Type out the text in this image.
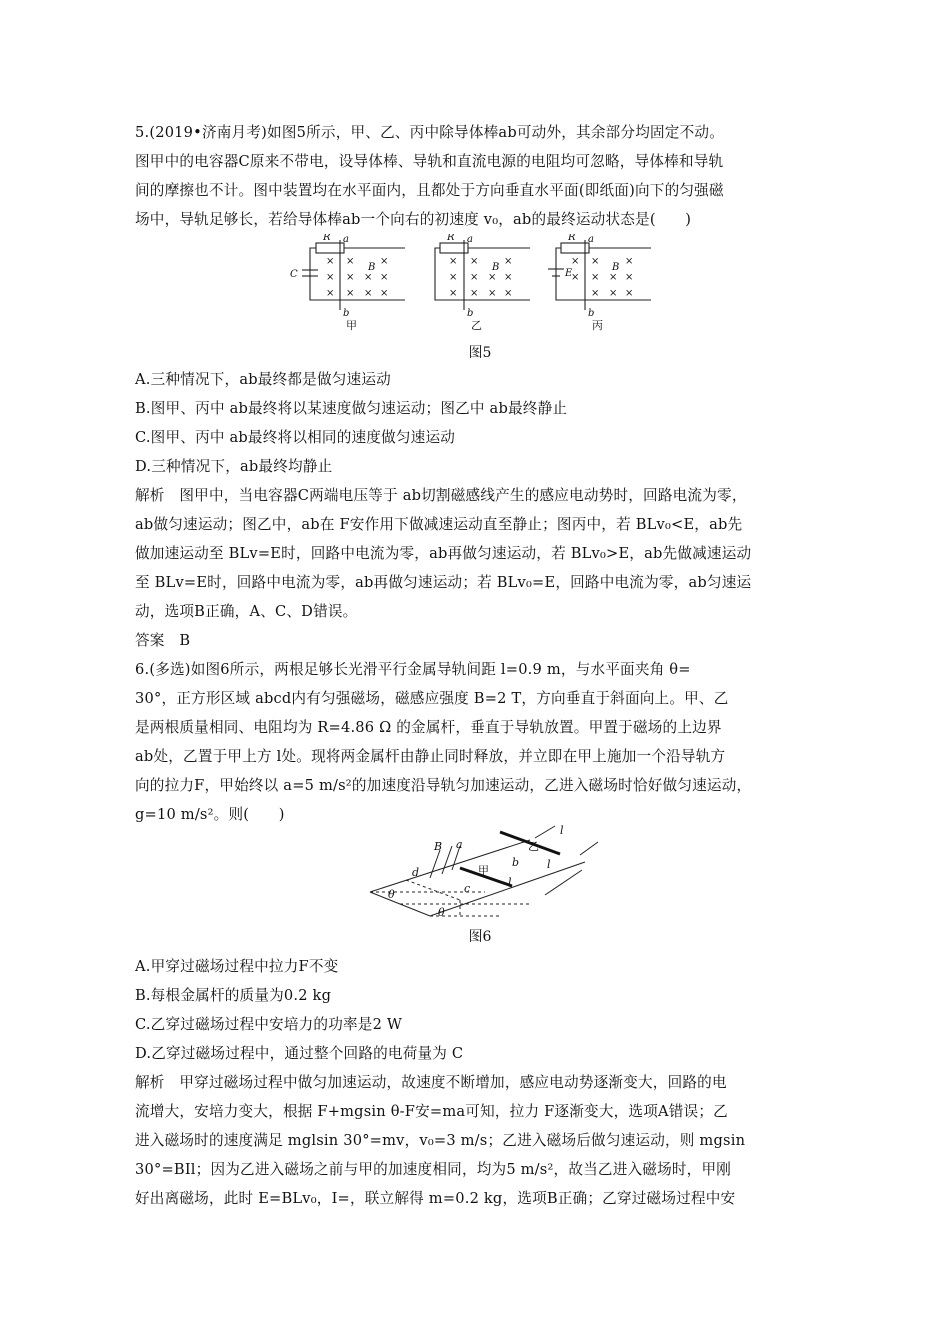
5.(2019•济南月考)如图5所示，甲、乙、丙中除导体棒ab可动外，其余部分均固定不动。
图甲中的电容器C原来不带电，设导体棒、导轨和直流电源的电阻均可忽略，导体棒和导轨
间的摩擦也不计。图中装置均在水平面内，且都处于方向垂直水平面(即纸面)向下的匀强磁
场中，导轨足够长，若给导体棒ab一个向右的初速度 v₀，ab的最终运动状态是(　　)
R
C
a
b
B
×
×
×
×
×
×
×
×
×
×
×
甲
R a
b
B
×
×
×
×
×
×
×
×
×
×
×
乙
R
E
a
b
B
×
×
×
×
×
×
×
×
×
×
丙
图5
A.三种情况下，ab最终都是做匀速运动
B.图甲、丙中 ab最终将以某速度做匀速运动；图乙中 ab最终静止
C.图甲、丙中 ab最终将以相同的速度做匀速运动
D.三种情况下，ab最终均静止
解析　图甲中，当电容器C两端电压等于 ab切割磁感线产生的感应电动势时，回路电流为零，
ab做匀速运动；图乙中，ab在 F安作用下做减速运动直至静止；图丙中，若 BLv₀<E，ab先
做加速运动至 BLv=E时，回路中电流为零，ab再做匀速运动，若 BLv₀>E，ab先做减速运动
至 BLv=E时，回路中电流为零，ab再做匀速运动；若 BLv₀=E，回路中电流为零，ab匀速运
动，选项B正确，A、C、D错误。
答案　B
6.(多选)如图6所示，两根足够长光滑平行金属导轨间距 l=0.9 m，与水平面夹角 θ=
30°，正方形区域 abcd内有匀强磁场，磁感应强度 B=2 T，方向垂直于斜面向上。甲、乙
是两根质量相同、电阻均为 R=4.86 Ω 的金属杆，垂直于导轨放置。甲置于磁场的上边界
ab处，乙置于甲上方 l处。现将两金属杆由静止同时释放，并立即在甲上施加一个沿导轨方
向的拉力F，甲始终以 a=5 m/s²的加速度沿导轨匀加速运动，乙进入磁场时恰好做匀速运动，
g=10 m/s²。则(　　)
B a
b
c
d
l
l
l
θ
θ
甲
乙
图6
A.甲穿过磁场过程中拉力F不变
B.每根金属杆的质量为0.2 kg
C.乙穿过磁场过程中安培力的功率是2 W
D.乙穿过磁场过程中，通过整个回路的电荷量为 C
解析　甲穿过磁场过程中做匀加速运动，故速度不断增加，感应电动势逐渐变大，回路的电
流增大，安培力变大，根据 F+mgsin θ-F安=ma可知，拉力 F逐渐变大，选项A错误；乙
进入磁场时的速度满足 mglsin 30°=mv，v₀=3 m/s；乙进入磁场后做匀速运动，则 mgsin
30°=BIl；因为乙进入磁场之前与甲的加速度相同，均为5 m/s²，故当乙进入磁场时，甲刚
好出离磁场，此时 E=BLv₀，I=，联立解得 m=0.2 kg，选项B正确；乙穿过磁场过程中安
